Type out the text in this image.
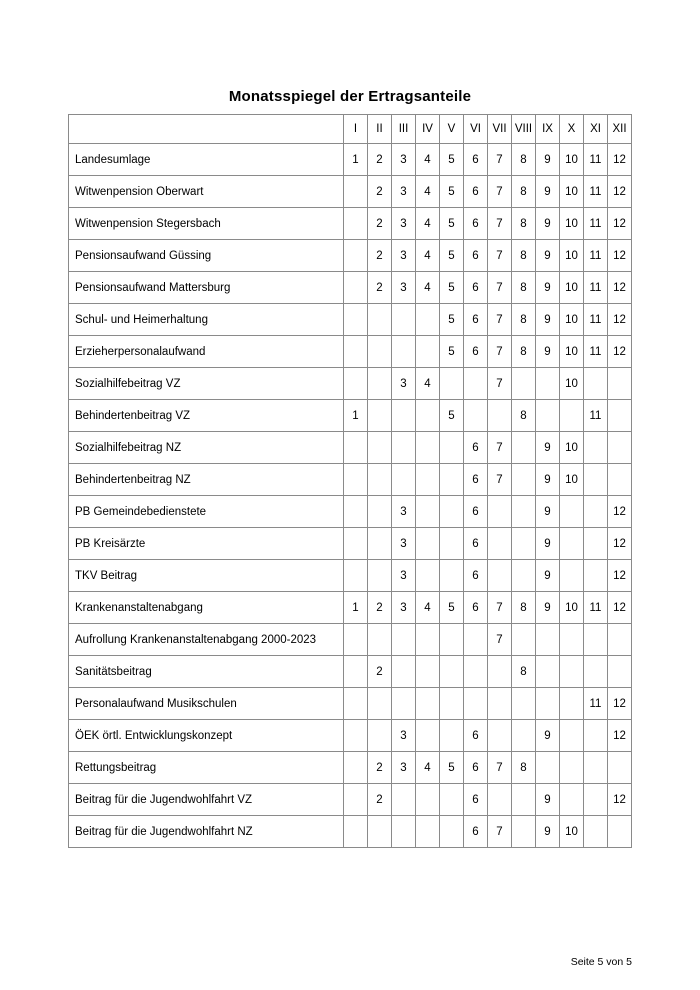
Monatsspiegel der Ertragsanteile
	I	II	III	IV	V	VI	VII	VIII	IX	X	XI	XII
Landesumlage	1	2	3	4	5	6	7	8	9	10	11	12
Witwenpension Oberwart		2	3	4	5	6	7	8	9	10	11	12
Witwenpension Stegersbach		2	3	4	5	6	7	8	9	10	11	12
Pensionsaufwand Güssing		2	3	4	5	6	7	8	9	10	11	12
Pensionsaufwand Mattersburg		2	3	4	5	6	7	8	9	10	11	12
Schul- und Heimerhaltung					5	6	7	8	9	10	11	12
Erzieherpersonalaufwand					5	6	7	8	9	10	11	12
Sozialhilfebeitrag VZ			3	4			7			10		
Behindertenbeitrag VZ	1				5			8			11	
Sozialhilfebeitrag NZ						6	7		9	10		
Behindertenbeitrag NZ						6	7		9	10		
PB Gemeindebedienstete			3			6			9			12
PB Kreisärzte			3			6			9			12
TKV Beitrag			3			6			9			12
Krankenanstaltenabgang	1	2	3	4	5	6	7	8	9	10	11	12
Aufrollung Krankenanstaltenabgang 2000-2023							7					
Sanitätsbeitrag		2						8				
Personalaufwand Musikschulen											11	12
ÖEK örtl. Entwicklungskonzept			3			6			9			12
Rettungsbeitrag		2	3	4	5	6	7	8				
Beitrag für die Jugendwohlfahrt VZ		2				6			9			12
Beitrag für die Jugendwohlfahrt NZ						6	7		9	10		
Seite 5 von 5
